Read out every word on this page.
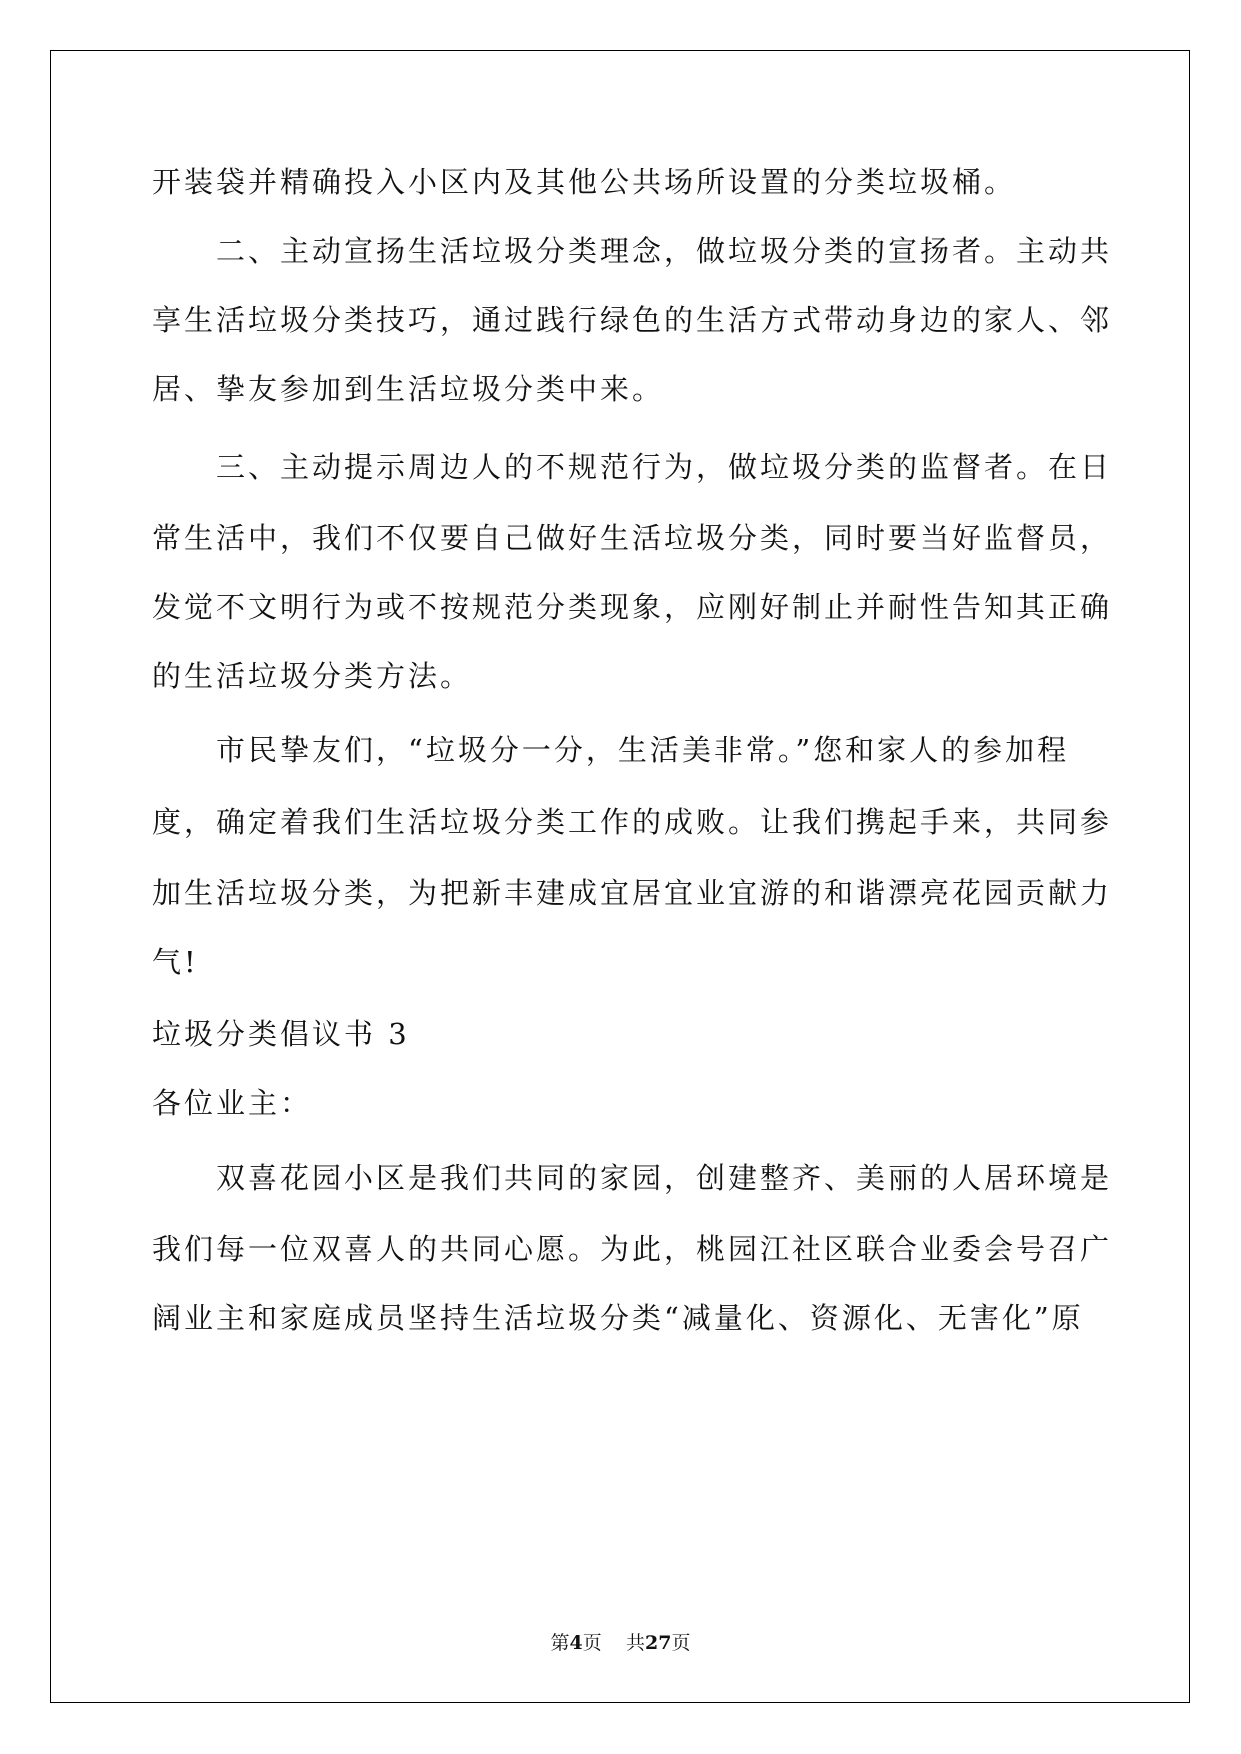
开装袋并精确投入小区内及其他公共场所设置的分类垃圾桶。
二、主动宣扬生活垃圾分类理念，做垃圾分类的宣扬者。主动共
享生活垃圾分类技巧，通过践行绿色的生活方式带动身边的家人、邻
居、挚友参加到生活垃圾分类中来。
三、主动提示周边人的不规范行为，做垃圾分类的监督者。在日
常生活中，我们不仅要自己做好生活垃圾分类，同时要当好监督员，
发觉不文明行为或不按规范分类现象，应刚好制止并耐性告知其正确
的生活垃圾分类方法。
市民挚友们，“垃圾分一分，生活美非常。”您和家人的参加程
度，确定着我们生活垃圾分类工作的成败。让我们携起手来，共同参
加生活垃圾分类，为把新丰建成宜居宜业宜游的和谐漂亮花园贡献力
气!
垃圾分类倡议书 3
各位业主：
双喜花园小区是我们共同的家园，创建整齐、美丽的人居环境是
我们每一位双喜人的共同心愿。为此，桃园江社区联合业委会号召广
阔业主和家庭成员坚持生活垃圾分类“减量化、资源化、无害化”原
第4页 共27页
